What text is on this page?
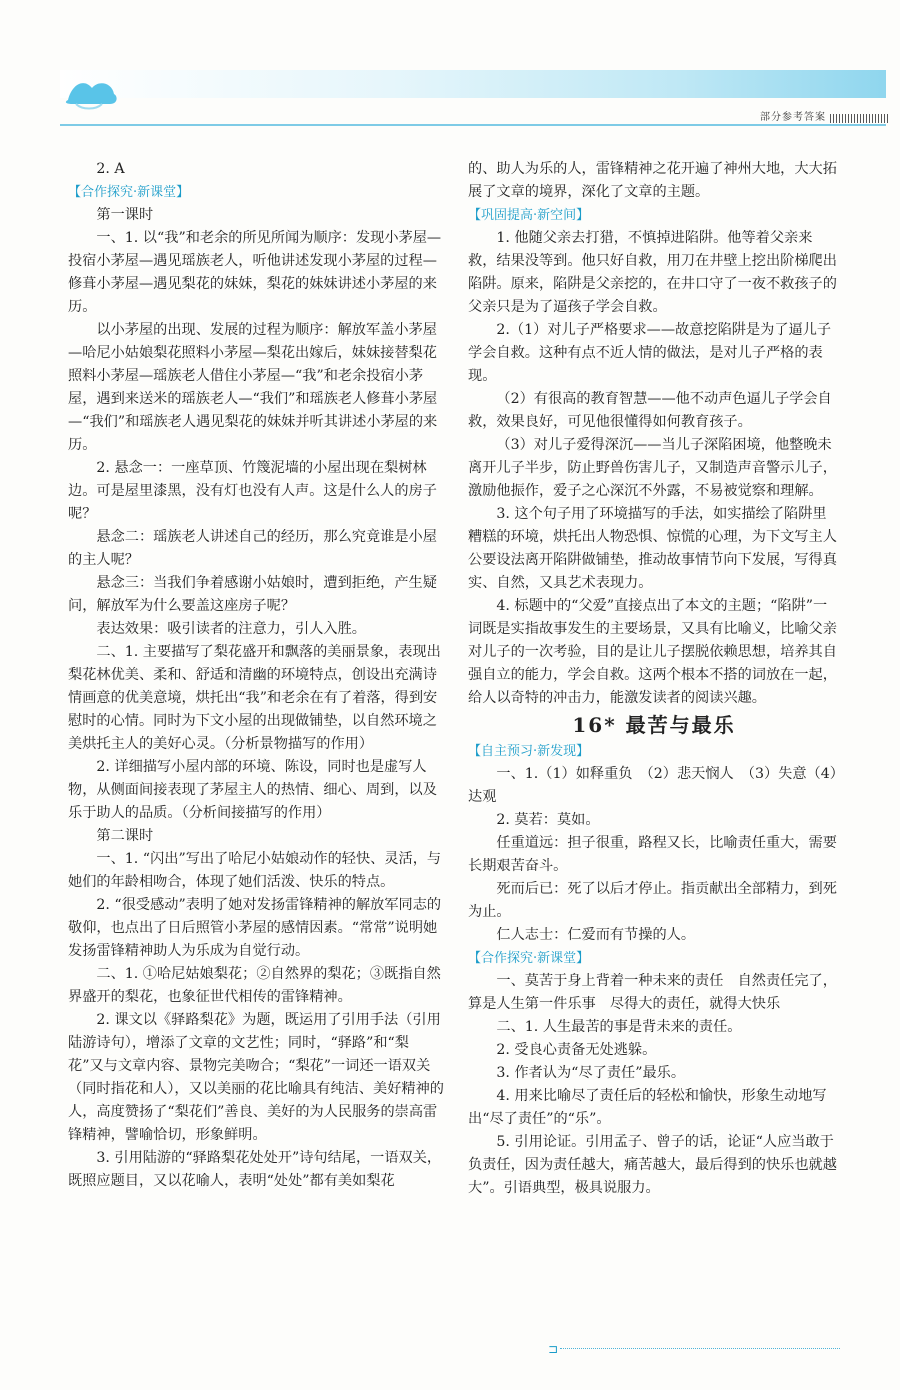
部分参考答案

2. A

【合作探究·新课堂】

第一课时

一、1. 以“我”和老余的所见所闻为顺序：发现小茅屋—投宿小茅屋—遇见瑶族老人，听他讲述发现小茅屋的过程—修葺小茅屋—遇见梨花的妹妹，梨花的妹妹讲述小茅屋的来历。

以小茅屋的出现、发展的过程为顺序：解放军盖小茅屋—哈尼小姑娘梨花照料小茅屋—梨花出嫁后，妹妹接替梨花照料小茅屋—瑶族老人借住小茅屋—“我”和老余投宿小茅屋，遇到来送米的瑶族老人—“我们”和瑶族老人修葺小茅屋—“我们”和瑶族老人遇见梨花的妹妹并听其讲述小茅屋的来历。

2. 悬念一：一座草顶、竹篾泥墙的小屋出现在梨树林边。可是屋里漆黑，没有灯也没有人声。这是什么人的房子呢？

悬念二：瑶族老人讲述自己的经历，那么究竟谁是小屋的主人呢？

悬念三：当我们争着感谢小姑娘时，遭到拒绝，产生疑问，解放军为什么要盖这座房子呢？

表达效果：吸引读者的注意力，引人入胜。

二、1. 主要描写了梨花盛开和飘落的美丽景象，表现出梨花林优美、柔和、舒适和清幽的环境特点，创设出充满诗情画意的优美意境，烘托出“我”和老余在有了着落，得到安慰时的心情。同时为下文小屋的出现做铺垫，以自然环境之美烘托主人的美好心灵。（分析景物描写的作用）

2. 详细描写小屋内部的环境、陈设，同时也是虚写人物，从侧面间接表现了茅屋主人的热情、细心、周到，以及乐于助人的品质。（分析间接描写的作用）

第二课时

一、1. “闪出”写出了哈尼小姑娘动作的轻快、灵活，与她们的年龄相吻合，体现了她们活泼、快乐的特点。

2. “很受感动”表明了她对发扬雷锋精神的解放军同志的敬仰，也点出了日后照管小茅屋的感情因素。“常常”说明她发扬雷锋精神助人为乐成为自觉行动。

二、1. ①哈尼姑娘梨花；②自然界的梨花；③既指自然界盛开的梨花，也象征世代相传的雷锋精神。

2. 课文以《驿路梨花》为题，既运用了引用手法（引用陆游诗句），增添了文章的文艺性；同时，“驿路”和“梨花”又与文章内容、景物完美吻合；“梨花”一词还一语双关（同时指花和人），又以美丽的花比喻具有纯洁、美好精神的人，高度赞扬了“梨花们”善良、美好的为人民服务的崇高雷锋精神，譬喻恰切，形象鲜明。

3. 引用陆游的“驿路梨花处处开”诗句结尾，一语双关，既照应题目，又以花喻人，表明“处处”都有美如梨花

的、助人为乐的人，雷锋精神之花开遍了神州大地，大大拓展了文章的境界，深化了文章的主题。

【巩固提高·新空间】

1. 他随父亲去打猎，不慎掉进陷阱。他等着父亲来救，结果没等到。他只好自救，用刀在井壁上挖出阶梯爬出陷阱。原来，陷阱是父亲挖的，在井口守了一夜不救孩子的父亲只是为了逼孩子学会自救。

2.（1）对儿子严格要求——故意挖陷阱是为了逼儿子学会自救。这种有点不近人情的做法，是对儿子严格的表现。

（2）有很高的教育智慧——他不动声色逼儿子学会自救，效果良好，可见他很懂得如何教育孩子。

（3）对儿子爱得深沉——当儿子深陷困境，他整晚未离开儿子半步，防止野兽伤害儿子，又制造声音警示儿子，激励他振作，爱子之心深沉不外露，不易被觉察和理解。

3. 这个句子用了环境描写的手法，如实描绘了陷阱里糟糕的环境，烘托出人物恐惧、惊慌的心理，为下文写主人公要设法离开陷阱做铺垫，推动故事情节向下发展，写得真实、自然，又具艺术表现力。

4. 标题中的“父爱”直接点出了本文的主题；“陷阱”一词既是实指故事发生的主要场景，又具有比喻义，比喻父亲对儿子的一次考验，目的是让儿子摆脱依赖思想，培养其自强自立的能力，学会自救。这两个根本不搭的词放在一起，给人以奇特的冲击力，能激发读者的阅读兴趣。

16* 最苦与最乐

【自主预习·新发现】

一、1.（1）如释重负　（2）悲天悯人　（3）失意（4）达观

2. 莫若：莫如。

任重道远：担子很重，路程又长，比喻责任重大，需要长期艰苦奋斗。

死而后已：死了以后才停止。指贡献出全部精力，到死为止。

仁人志士：仁爱而有节操的人。

【合作探究·新课堂】

一、莫苦于身上背着一种未来的责任　自然责任完了，算是人生第一件乐事　尽得大的责任，就得大快乐

二、1. 人生最苦的事是背未来的责任。

2. 受良心责备无处逃躲。

3. 作者认为“尽了责任”最乐。

4. 用来比喻尽了责任后的轻松和愉快，形象生动地写出“尽了责任”的“乐”。

5. 引用论证。引用孟子、曾子的话，论证“人应当敢于负责任，因为责任越大，痛苦越大，最后得到的快乐也就越大”。引语典型，极具说服力。

⊐
